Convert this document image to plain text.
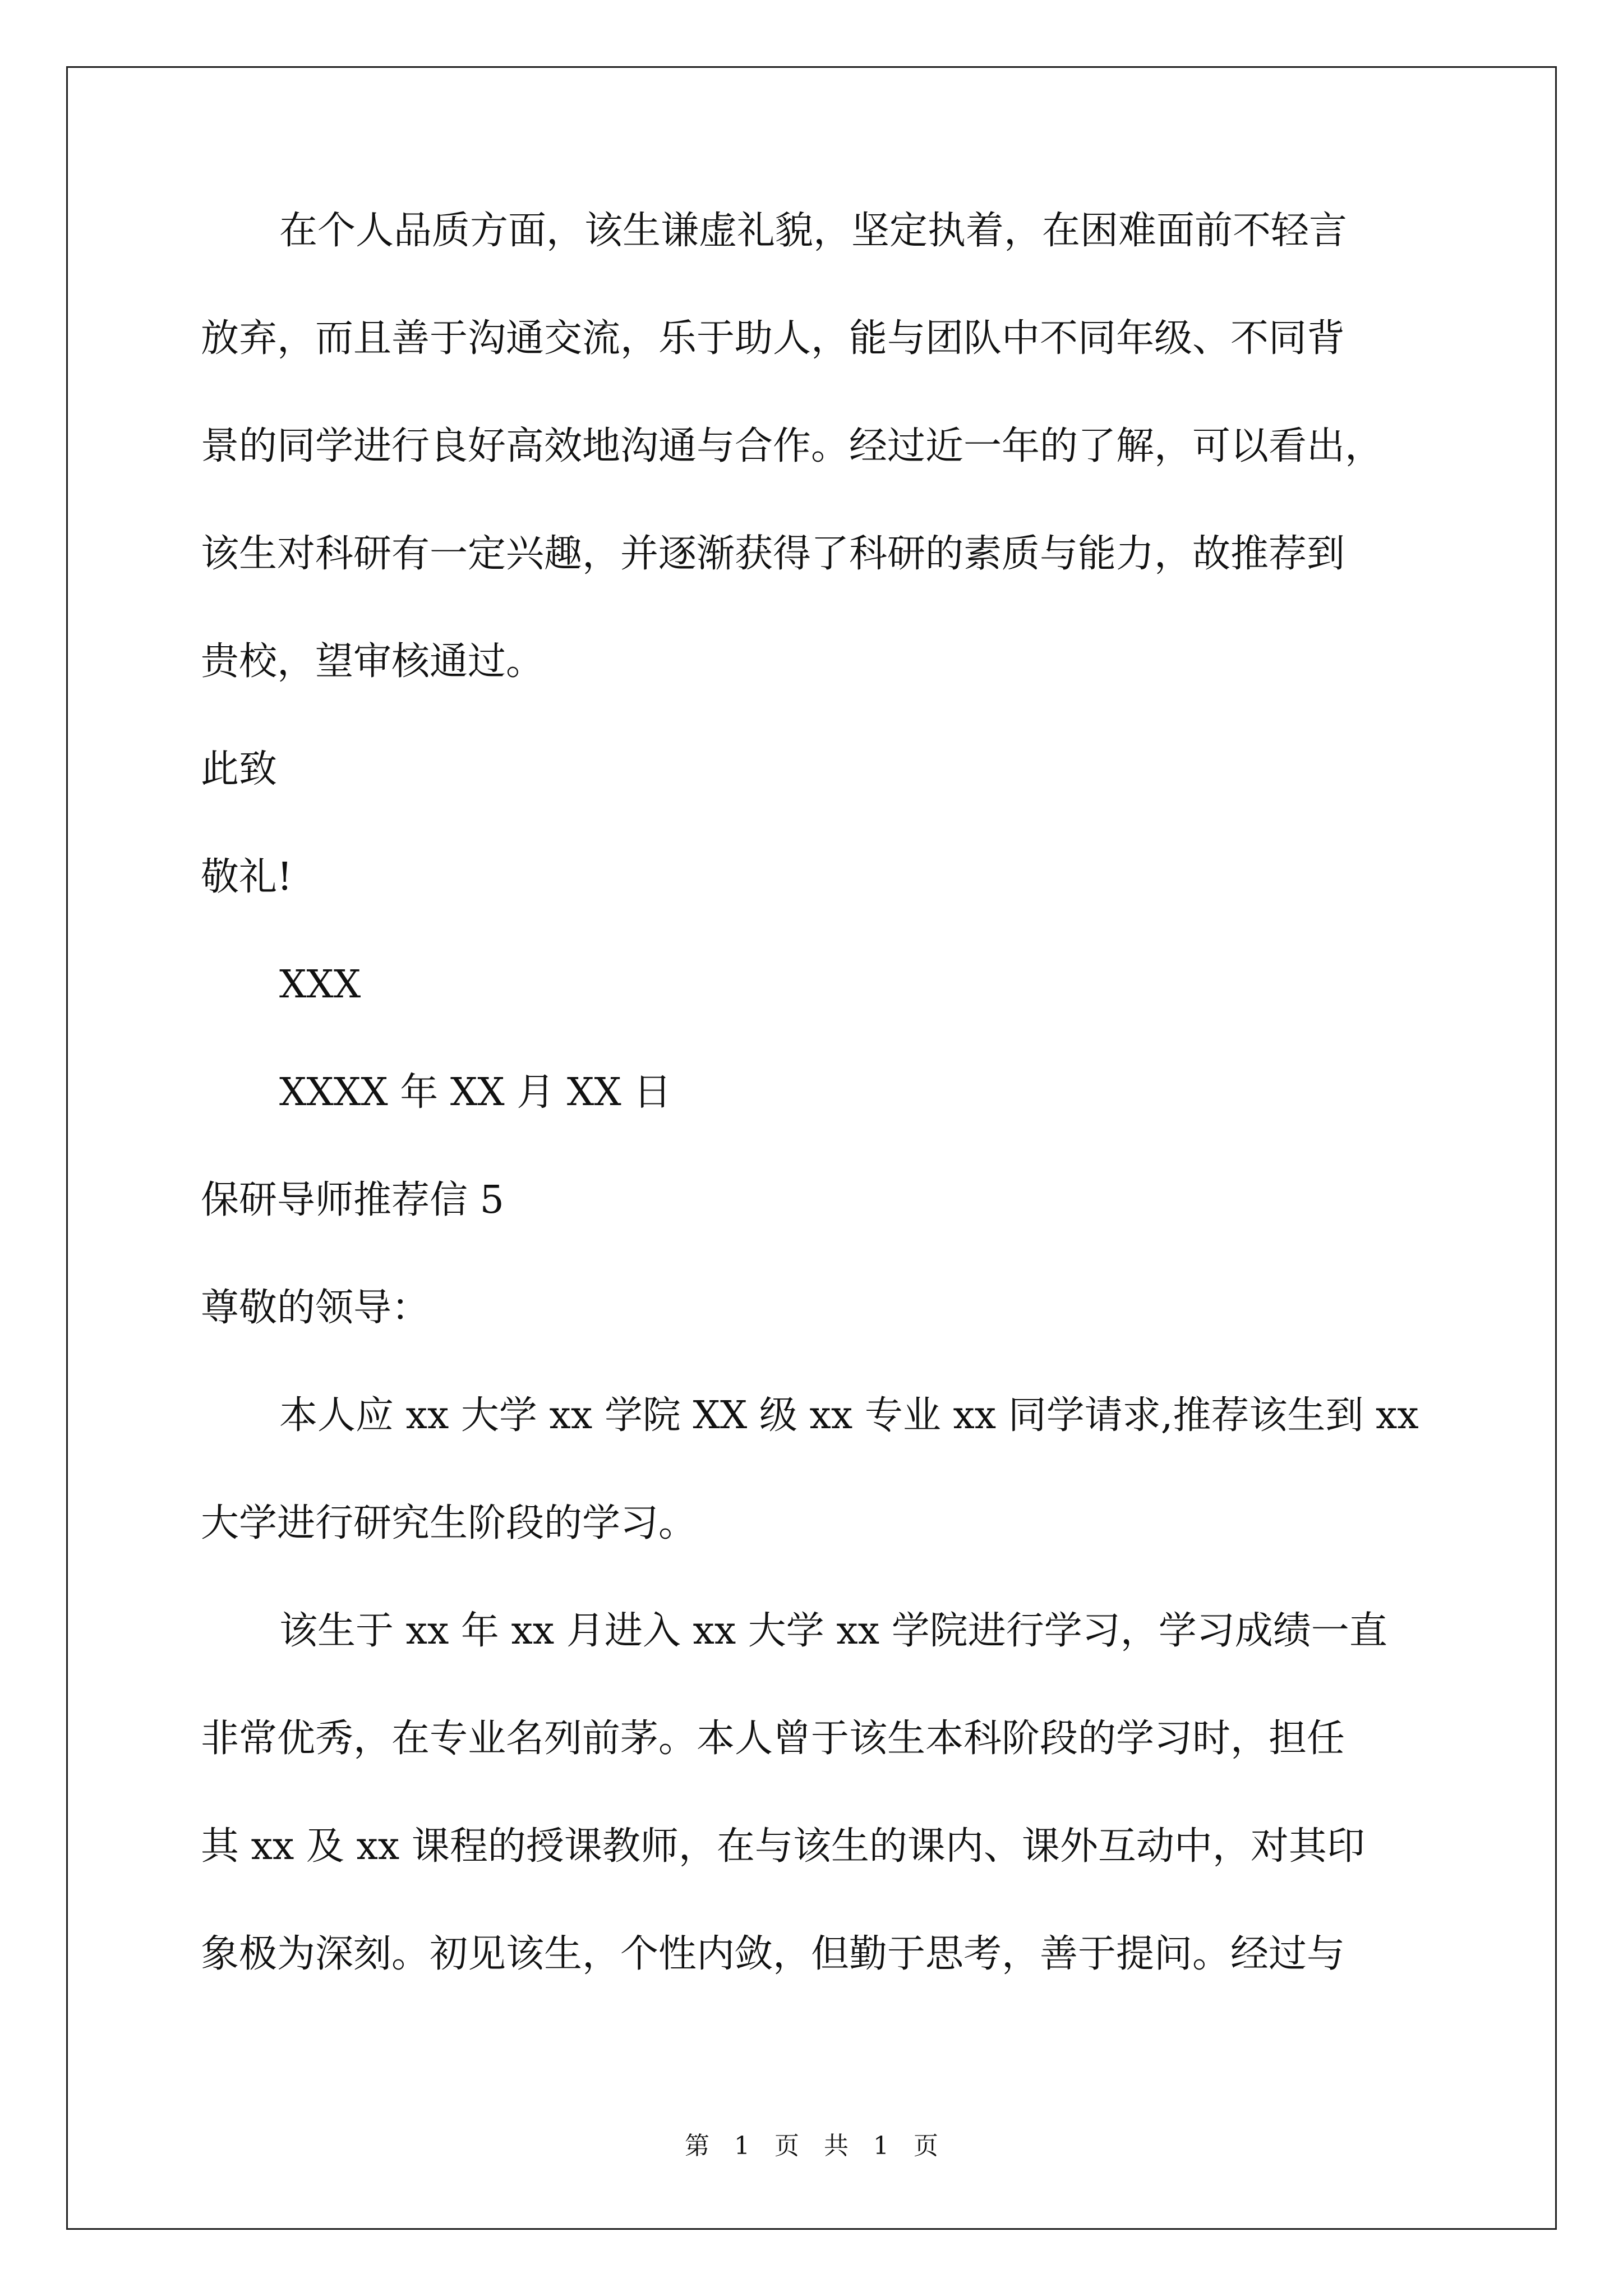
在个人品质方面，该生谦虚礼貌，坚定执着，在困难面前不轻言
放弃，而且善于沟通交流，乐于助人，能与团队中不同年级、不同背
景的同学进行良好高效地沟通与合作。经过近一年的了解，可以看出，
该生对科研有一定兴趣，并逐渐获得了科研的素质与能力，故推荐到
贵校，望审核通过。
此致
敬礼!
XXX
XXXX 年 XX 月 XX 日
保研导师推荐信 5
尊敬的领导：
本人应 xx 大学 xx 学院 XX 级 xx 专业 xx 同学请求,推荐该生到 xx
大学进行研究生阶段的学习。
该生于 xx 年 xx 月进入 xx 大学 xx 学院进行学习，学习成绩一直
非常优秀，在专业名列前茅。本人曾于该生本科阶段的学习时，担任
其 xx 及 xx 课程的授课教师，在与该生的课内、课外互动中，对其印
象极为深刻。初见该生，个性内敛，但勤于思考，善于提问。经过与
第 1 页 共 1 页
